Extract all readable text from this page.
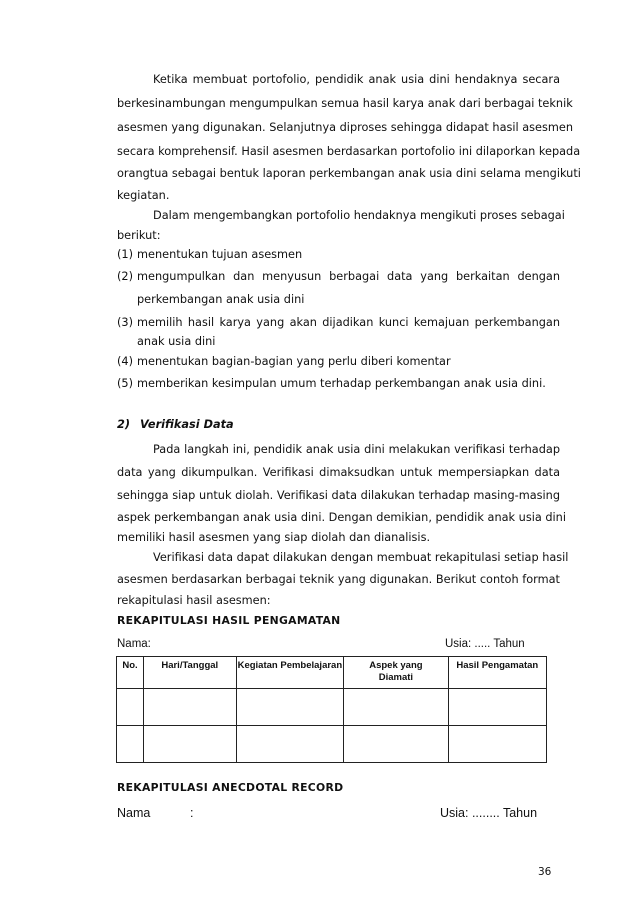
Ketika membuat portofolio, pendidik anak usia dini hendaknya secara
berkesinambungan mengumpulkan semua hasil karya anak dari berbagai teknik
asesmen yang digunakan. Selanjutnya diproses sehingga didapat hasil asesmen
secara komprehensif. Hasil asesmen berdasarkan portofolio ini dilaporkan kepada
orangtua sebagai bentuk laporan perkembangan anak usia dini selama mengikuti
kegiatan.
Dalam mengembangkan portofolio hendaknya mengikuti proses sebagai
berikut:
(1) menentukan tujuan asesmen
(2) mengumpulkan dan menyusun berbagai data yang berkaitan dengan
perkembangan anak usia dini
(3) memilih hasil karya yang akan dijadikan kunci kemajuan perkembangan
anak usia dini
(4) menentukan bagian-bagian yang perlu diberi komentar
(5) memberikan kesimpulan umum terhadap perkembangan anak usia dini.
2) Verifikasi Data
Pada langkah ini, pendidik anak usia dini melakukan verifikasi terhadap
data yang dikumpulkan. Verifikasi dimaksudkan untuk mempersiapkan data
sehingga siap untuk diolah. Verifikasi data dilakukan terhadap masing-masing
aspek perkembangan anak usia dini. Dengan demikian, pendidik anak usia dini
memiliki hasil asesmen yang siap diolah dan dianalisis.
Verifikasi data dapat dilakukan dengan membuat rekapitulasi setiap hasil
asesmen berdasarkan berbagai teknik yang digunakan. Berikut contoh format
rekapitulasi hasil asesmen:
REKAPITULASI HASIL PENGAMATAN
Nama:	Usia: ..... Tahun
No.	Hari/Tanggal	Kegiatan Pembelajaran	Aspek yang Diamati	Hasil Pengamatan

REKAPITULASI ANECDOTAL RECORD
Nama	:	Usia: ........ Tahun
36
